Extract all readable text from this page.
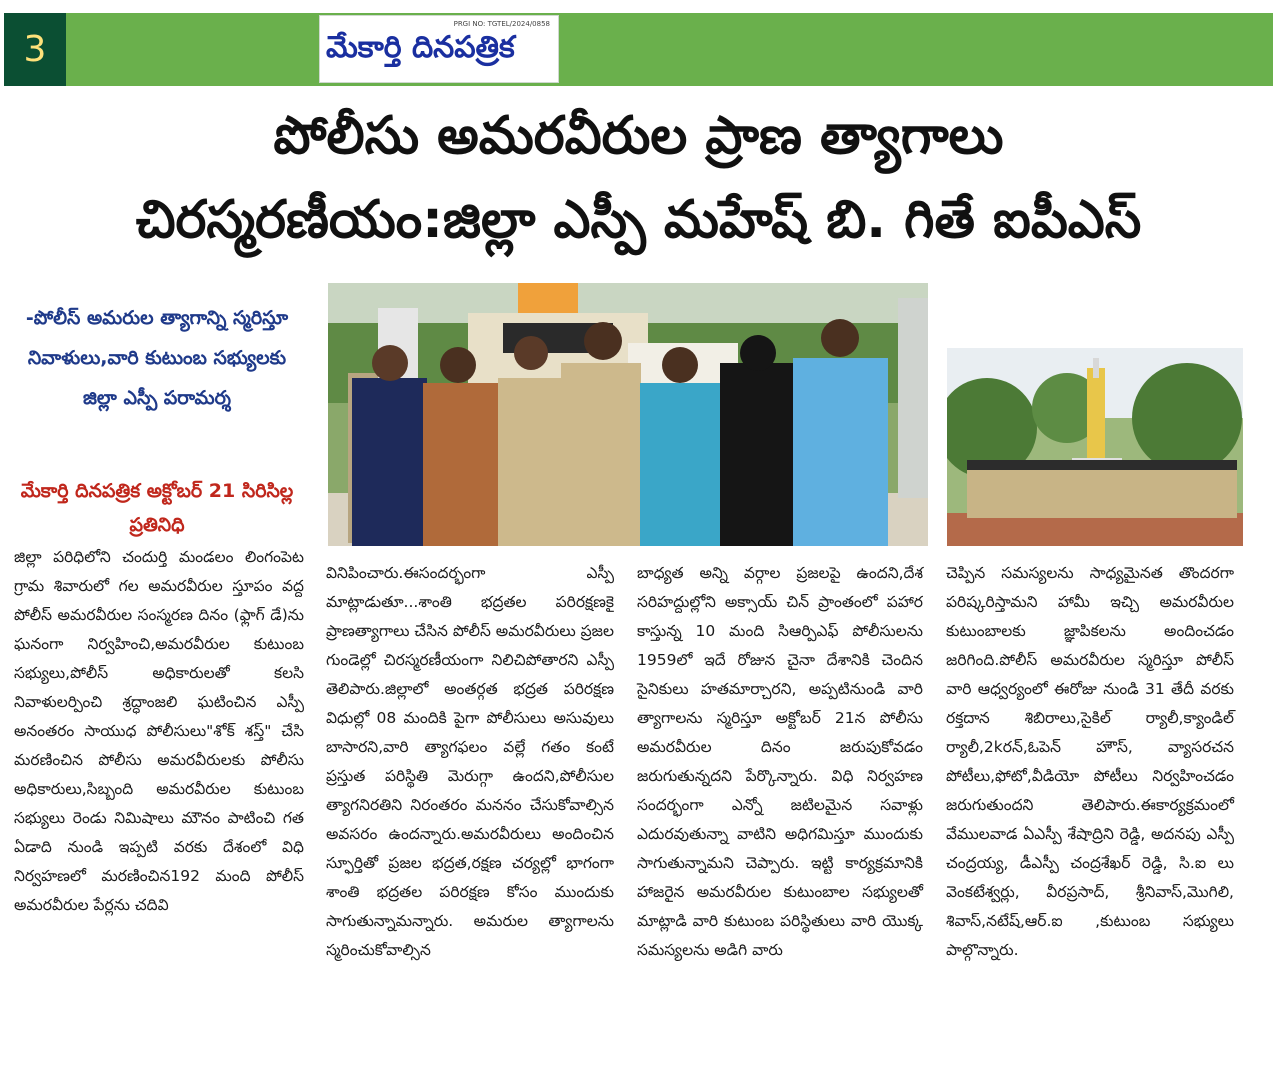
3
PRGI NO: TGTEL/2024/0858
మేకార్తి దినపత్రిక
పోలీసు అమరవీరుల ప్రాణ త్యాగాలు
చిరస్మరణీయం:జిల్లా ఎస్పీ మహేష్ బి. గితే ఐపీఎస్
-పోలీస్ అమరుల త్యాగాన్ని స్మరిస్తూ నివాళులు,వారి కుటుంబ సభ్యులకు జిల్లా ఎస్పీ పరామర్శ
మేకార్తి దినపత్రిక అక్టోబర్ 21 సిరిసిల్ల ప్రతినిధి
జిల్లా పరిధిలోని చందుర్తి మండలం లింగంపెట గ్రామ శివారులో గల అమరవీరుల స్తూపం వద్ద పోలీస్ అమరవీరుల సంస్మరణ దినం (ఫ్లాగ్ డే)ను ఘనంగా నిర్వహించి,అమరవీరుల కుటుంబ సభ్యులు,పోలీస్ అధికారులతో కలసి నివాళులర్పించి శ్రద్ధాంజలి ఘటించిన ఎస్పీ అనంతరం సాయుధ పోలీసులు"శోక్ శస్త్" చేసి మరణించిన పోలీసు అమరవీరులకు పోలీసు అధికారులు,సిబ్బంది అమరవీరుల కుటుంబ సభ్యులు రెండు నిమిషాలు మౌనం పాటించి గత ఏడాది నుండి ఇప్పటి వరకు దేశంలో విధి నిర్వహణలో మరణించిన192 మంది పోలీస్ అమరవీరుల పేర్లను చదివి
వినిపించారు.ఈసందర్భంగా ఎస్పీ మాట్లాడుతూ...శాంతి భద్రతల పరిరక్షణకై ప్రాణత్యాగాలు చేసిన పోలీస్ అమరవీరులు ప్రజల గుండెల్లో చిరస్మరణీయంగా నిలిచిపోతారని ఎస్పీ తెలిపారు.జిల్లాలో అంతర్గత భద్రత పరిరక్షణ విధుల్లో 08 మందికి పైగా పోలీసులు అసువులు బాసారని,వారి త్యాగఫలం వల్లే గతం కంటే ప్రస్తుత పరిస్థితి మెరుగ్గా ఉందని,పోలీసుల త్యాగనిరతిని నిరంతరం మననం చేసుకోవాల్సిన అవసరం ఉందన్నారు.అమరవీరులు అందించిన స్ఫూర్తితో ప్రజల భద్రత,రక్షణ చర్యల్లో భాగంగా శాంతి భద్రతల పరిరక్షణ కోసం ముందుకు సాగుతున్నామన్నారు. అమరుల త్యాగాలను స్మరించుకోవాల్సిన
బాధ్యత అన్ని వర్గాల ప్రజలపై ఉందని,దేశ సరిహద్దుల్లోని అక్సాయ్ చిన్ ప్రాంతంలో పహార కాస్తున్న 10 మంది సిఆర్పిఎఫ్ పోలీసులను 1959లో ఇదే రోజున చైనా దేశానికి చెందిన సైనికులు హతమార్చారని, అప్పటినుండి వారి త్యాగాలను స్మరిస్తూ అక్టోబర్ 21న పోలీసు అమరవీరుల దినం జరుపుకోవడం జరుగుతున్నదని పేర్కొన్నారు. విధి నిర్వహణ సందర్భంగా ఎన్నో జటిలమైన సవాళ్లు ఎదురవుతున్నా వాటిని అధిగమిస్తూ ముందుకు సాగుతున్నామని చెప్పారు. ఇట్టి కార్యక్రమానికి హాజరైన అమరవీరుల కుటుంబాల సభ్యులతో మాట్లాడి వారి కుటుంబ పరిస్థితులు వారి యొక్క సమస్యలను అడిగి వారు
చెప్పిన సమస్యలను సాధ్యమైనత తొందరగా పరిష్కరిస్తామని హామీ ఇచ్చి అమరవీరుల కుటుంబాలకు జ్ఞాపికలను అందించడం జరిగింది.పోలీస్ అమరవీరుల స్మరిస్తూ పోలీస్ వారి ఆధ్వర్యంలో ఈరోజు నుండి 31 తేదీ వరకు రక్తదాన శిబిరాలు,సైకిల్ ర్యాలీ,క్యాండిల్ ర్యాలీ,2kరన్,ఓపెన్ హౌస్, వ్యాసరచన పోటీలు,ఫోటో,వీడియో పోటీలు నిర్వహించడం జరుగుతుందని తెలిపారు.ఈకార్యక్రమంలో వేములవాడ ఏఎస్పీ శేషాద్రిని రెడ్డి, అదనపు ఎస్పీ చంద్రయ్య, డీఎస్పీ చంద్రశేఖర్ రెడ్డి, సి.ఐ లు వెంకటేశ్వర్లు, వీరప్రసాద్, శ్రీనివాస్,మొగిలి, శివాస్,నటేష్,ఆర్.ఐ ,కుటుంబ సభ్యులు పాల్గొన్నారు.
